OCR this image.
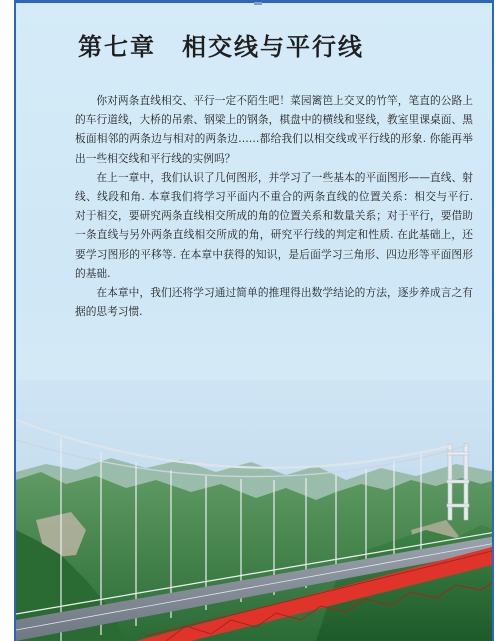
第七章 相交线与平行线

你对两条直线相交、平行一定不陌生吧！菜园篱笆上交叉的竹竿，笔直的公路上的车行道线，大桥的吊索、钢梁上的钢条，棋盘中的横线和竖线，教室里课桌面、黑板面相邻的两条边与相对的两条边……都给我们以相交线或平行线的形象. 你能再举出一些相交线和平行线的实例吗？

在上一章中，我们认识了几何图形，并学习了一些基本的平面图形——直线、射线、线段和角. 本章我们将学习平面内不重合的两条直线的位置关系：相交与平行. 对于相交，要研究两条直线相交所成的角的位置关系和数量关系；对于平行，要借助一条直线与另外两条直线相交所成的角，研究平行线的判定和性质. 在此基础上，还要学习图形的平移等. 在本章中获得的知识，是后面学习三角形、四边形等平面图形的基础.

在本章中，我们还将学习通过简单的推理得出数学结论的方法，逐步养成言之有据的思考习惯.
